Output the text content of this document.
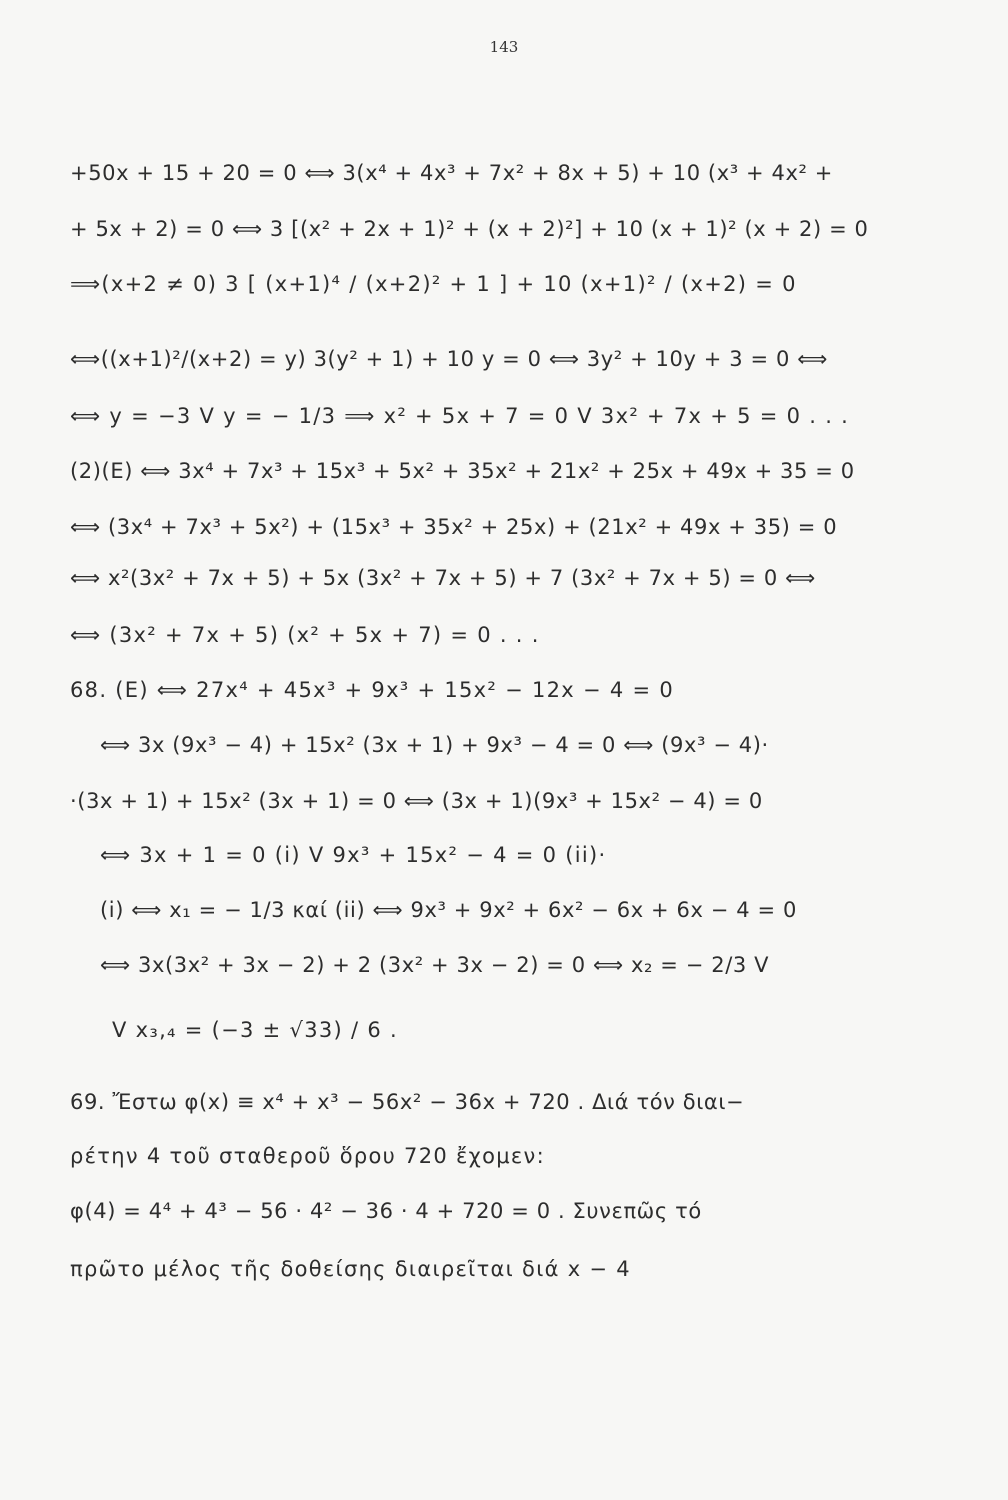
143
+50x + 15 + 20 = 0 ⟺ 3(x⁴ + 4x³ + 7x² + 8x + 5) + 10 (x³ + 4x² +
+ 5x + 2) = 0 ⟺ 3 [(x² + 2x + 1)² + (x + 2)²] + 10 (x + 1)² (x + 2) = 0
⟹(x+2 ≠ 0) 3 [ (x+1)⁴ / (x+2)² + 1 ] + 10 (x+1)² / (x+2) = 0
⟺((x+1)²/(x+2) = y) 3(y² + 1) + 10 y = 0 ⟺ 3y² + 10y + 3 = 0 ⟺
⟺ y = −3 V y = − 1/3 ⟹ x² + 5x + 7 = 0 V 3x² + 7x + 5 = 0 . . .
(2)(E) ⟺ 3x⁴ + 7x³ + 15x³ + 5x² + 35x² + 21x² + 25x + 49x + 35 = 0
⟺ (3x⁴ + 7x³ + 5x²) + (15x³ + 35x² + 25x) + (21x² + 49x + 35) = 0
⟺ x²(3x² + 7x + 5) + 5x (3x² + 7x + 5) + 7 (3x² + 7x + 5) = 0 ⟺
⟺ (3x² + 7x + 5) (x² + 5x + 7) = 0 . . .
68. (E) ⟺ 27x⁴ + 45x³ + 9x³ + 15x² − 12x − 4 = 0
⟺ 3x (9x³ − 4) + 15x² (3x + 1) + 9x³ − 4 = 0 ⟺ (9x³ − 4)·
·(3x + 1) + 15x² (3x + 1) = 0 ⟺ (3x + 1)(9x³ + 15x² − 4) = 0
⟺ 3x + 1 = 0 (i) V 9x³ + 15x² − 4 = 0 (ii)·
(i) ⟺ x₁ = − 1/3 καί (ii) ⟺ 9x³ + 9x² + 6x² − 6x + 6x − 4 = 0
⟺ 3x(3x² + 3x − 2) + 2 (3x² + 3x − 2) = 0 ⟺ x₂ = − 2/3 V
V x₃,₄ = (−3 ± √33) / 6 .
69. Ἔστω φ(x) ≡ x⁴ + x³ − 56x² − 36x + 720 . Διά τόν διαι−
ρέτην 4 τοῦ σταθεροῦ ὅρου 720 ἔχομεν:
φ(4) = 4⁴ + 4³ − 56 · 4² − 36 · 4 + 720 = 0 . Συνεπῶς τό
πρῶτο μέλος τῆς δοθείσης διαιρεῖται διά x − 4
